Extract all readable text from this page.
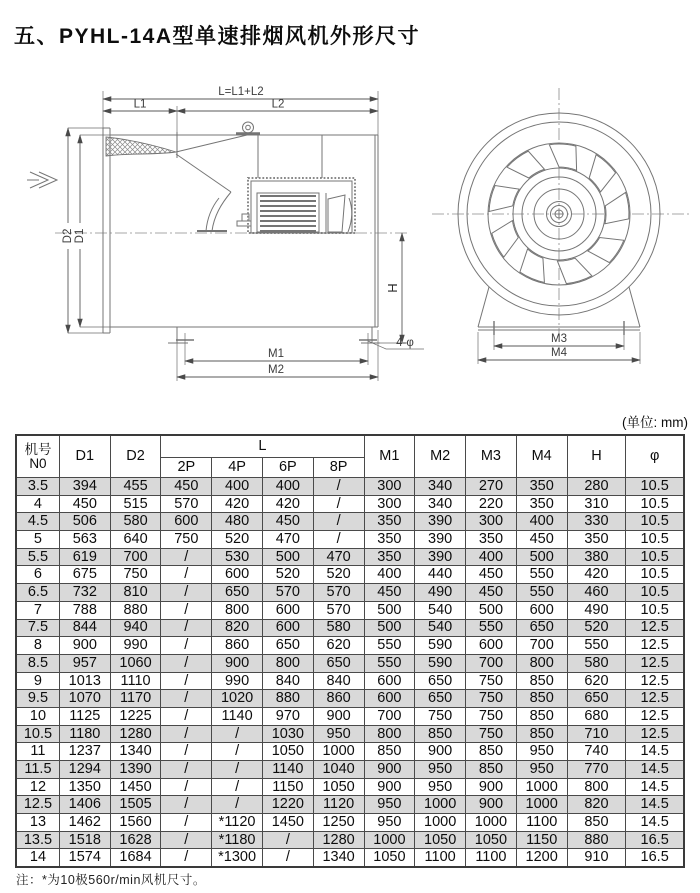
五、PYHL-14A型单速排烟风机外形尺寸
L=L1+L2
L1	L2
D2 D1
H
M1
M2
4-φ	M3
M4
(单位: mm)
机号
N0	D1	D2	L				M1	M2	M3	M4	H	φ
			2P	4P	6P	8P						
3.5	394	455	450	400	400	/	300	340	270	350	280	10.5
4	450	515	570	420	420	/	300	340	220	350	310	10.5
4.5	506	580	600	480	450	/	350	390	300	400	330	10.5
5	563	640	750	520	470	/	350	390	350	450	350	10.5
5.5	619	700	/	530	500	470	350	390	400	500	380	10.5
6	675	750	/	600	520	520	400	440	450	550	420	10.5
6.5	732	810	/	650	570	570	450	490	450	550	460	10.5
7	788	880	/	800	600	570	500	540	500	600	490	10.5
7.5	844	940	/	820	600	580	500	540	550	650	520	12.5
8	900	990	/	860	650	620	550	590	600	700	550	12.5
8.5	957	1060	/	900	800	650	550	590	700	800	580	12.5
9	1013	1110	/	990	840	840	600	650	750	850	620	12.5
9.5	1070	1170	/	1020	880	860	600	650	750	850	650	12.5
10	1125	1225	/	1140	970	900	700	750	750	850	680	12.5
10.5	1180	1280	/	/	1030	950	800	850	750	850	710	12.5
11	1237	1340	/	/	1050	1000	850	900	850	950	740	14.5
11.5	1294	1390	/	/	1140	1040	900	950	850	950	770	14.5
12	1350	1450	/	/	1150	1050	900	950	900	1000	800	14.5
12.5	1406	1505	/	/	1220	1120	950	1000	900	1000	820	14.5
13	1462	1560	/	*1120	1450	1250	950	1000	1000	1100	850	14.5
13.5	1518	1628	/	*1180	/	1280	1000	1050	1050	1150	880	16.5
14	1574	1684	/	*1300	/	1340	1050	1100	1100	1200	910	16.5
注：*为10极560r/min风机尺寸。
